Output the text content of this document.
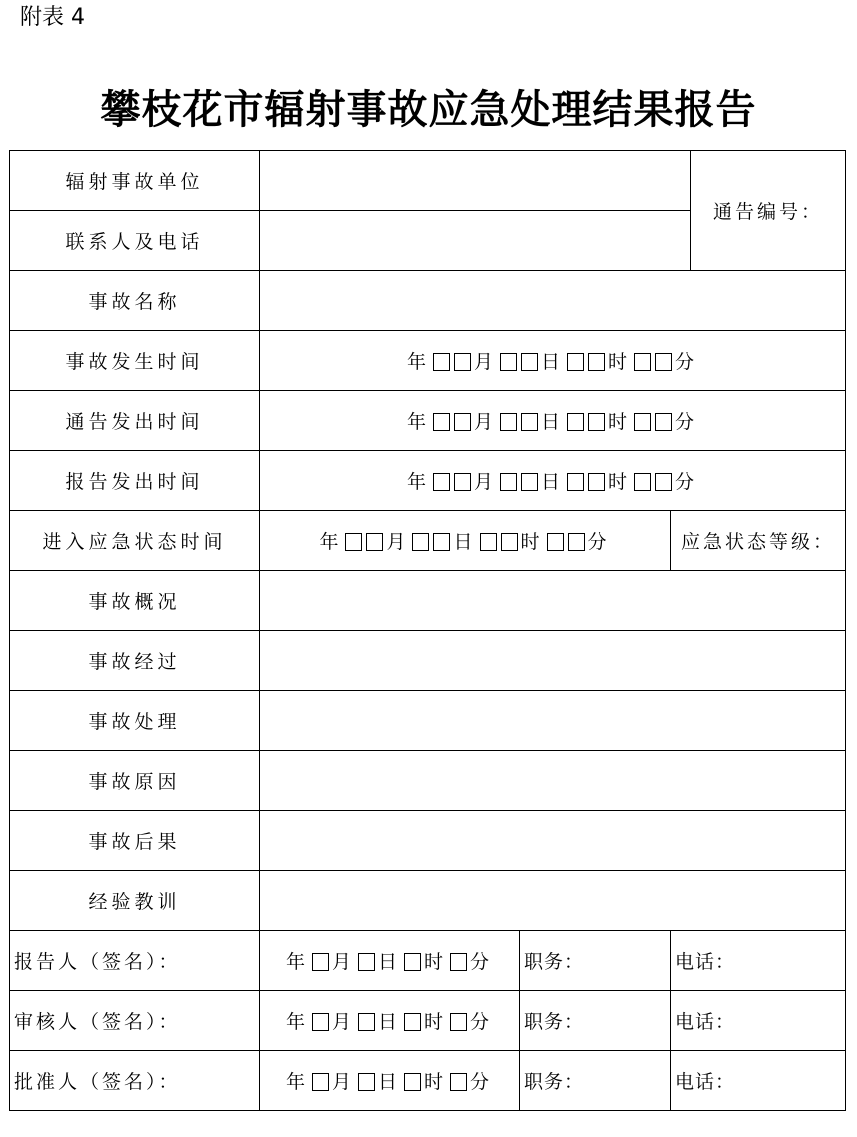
附表 4
攀枝花市辐射事故应急处理结果报告
辐射事故单位				通告编号：
联系人及电话				
事故名称				
事故发生时间	年 月 日 时 分			
通告发出时间	年 月 日 时 分			
报告发出时间	年 月 日 时 分			
进入应急状态时间	年 月 日 时 分		应急状态等级：	
事故概况				
事故经过				
事故处理				
事故原因				
事故后果				
经验教训				
报告人（签名）：	年 月 日 时 分	职务：	电话：	
审核人（签名）：	年 月 日 时 分	职务：	电话：	
批准人（签名）：	年 月 日 时 分	职务：	电话：	
